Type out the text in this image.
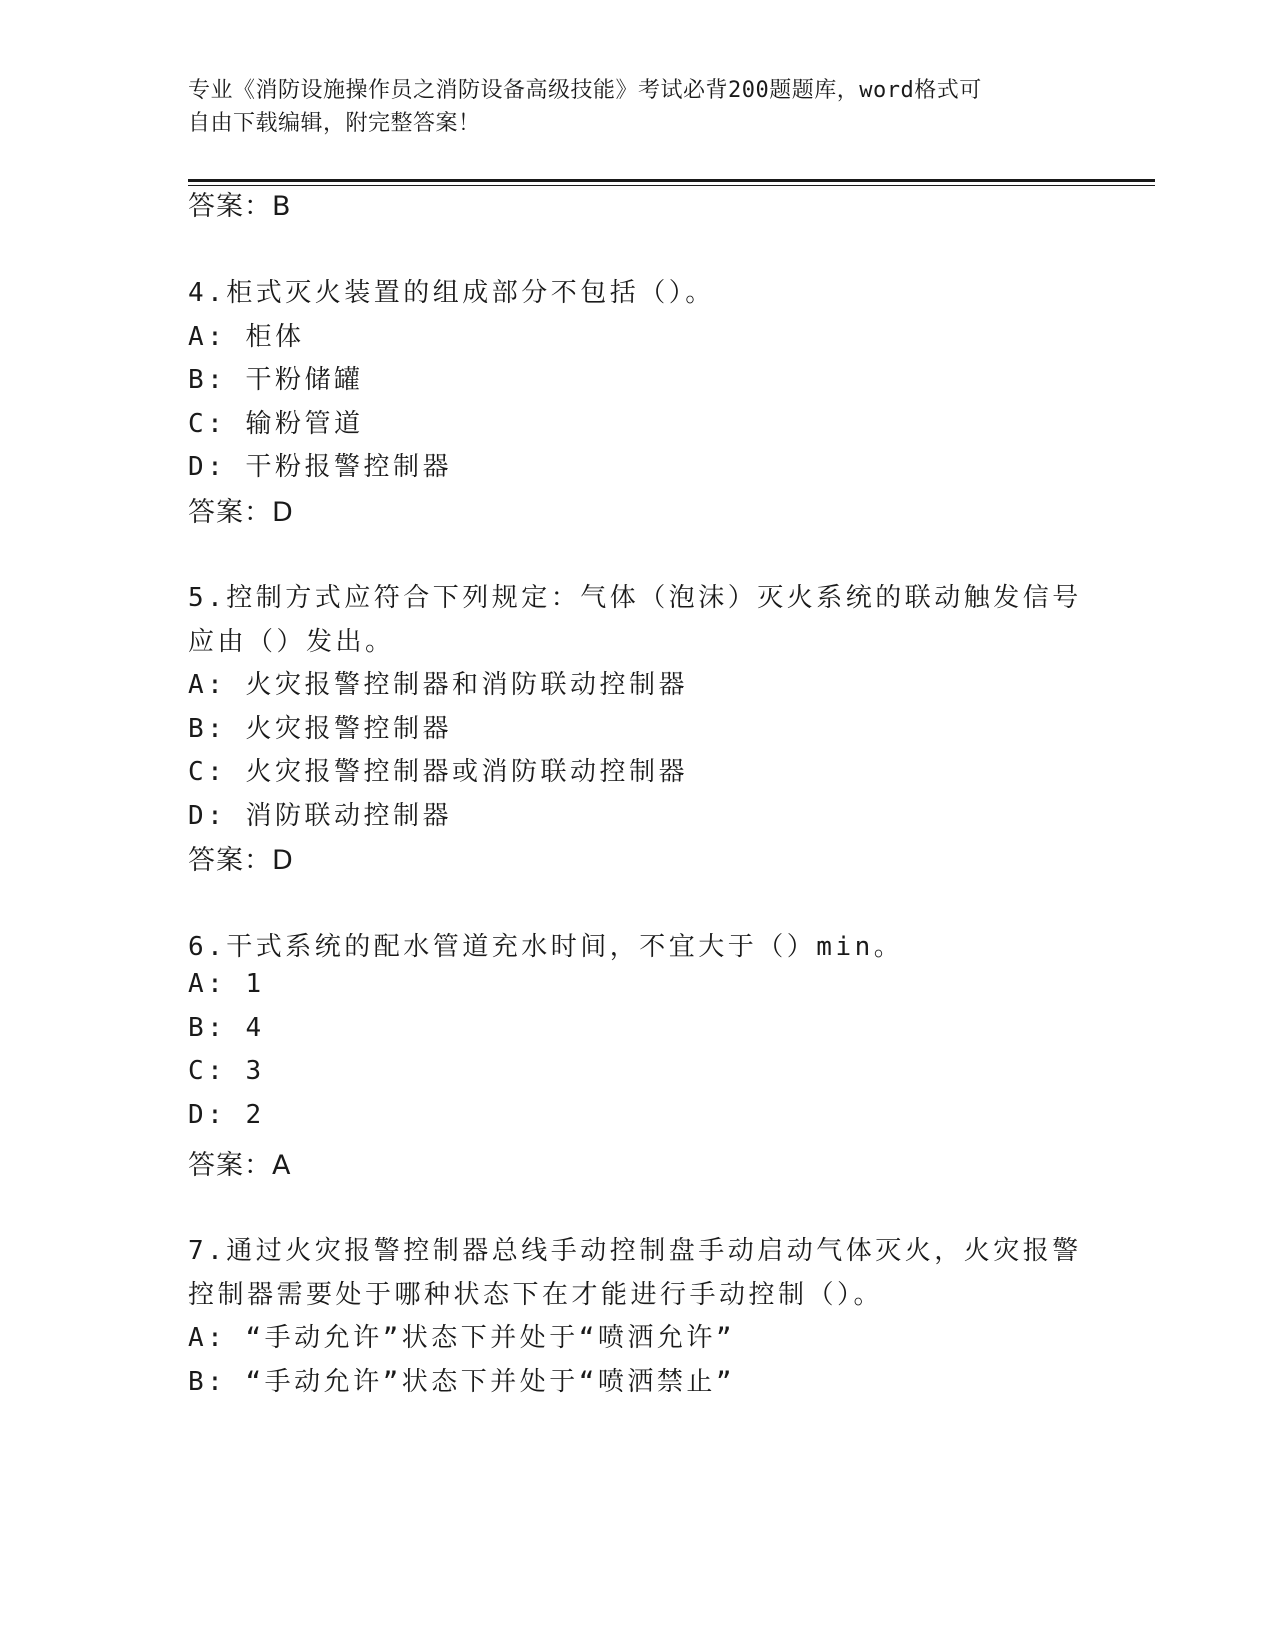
专业《消防设施操作员之消防设备高级技能》考试必背200题题库，word格式可
自由下载编辑，附完整答案！
答案：B
4.柜式灭火装置的组成部分不包括（）。
A: 柜体
B: 干粉储罐
C: 输粉管道
D: 干粉报警控制器
答案：D
5.控制方式应符合下列规定：气体（泡沫）灭火系统的联动触发信号
应由（）发出。
A: 火灾报警控制器和消防联动控制器
B: 火灾报警控制器
C: 火灾报警控制器或消防联动控制器
D: 消防联动控制器
答案：D
6.干式系统的配水管道充水时间，不宜大于（）min。
A: 1
B: 4
C: 3
D: 2
答案：A
7.通过火灾报警控制器总线手动控制盘手动启动气体灭火，火灾报警
控制器需要处于哪种状态下在才能进行手动控制（）。
A: “手动允许”状态下并处于“喷洒允许”
B: “手动允许”状态下并处于“喷洒禁止”
